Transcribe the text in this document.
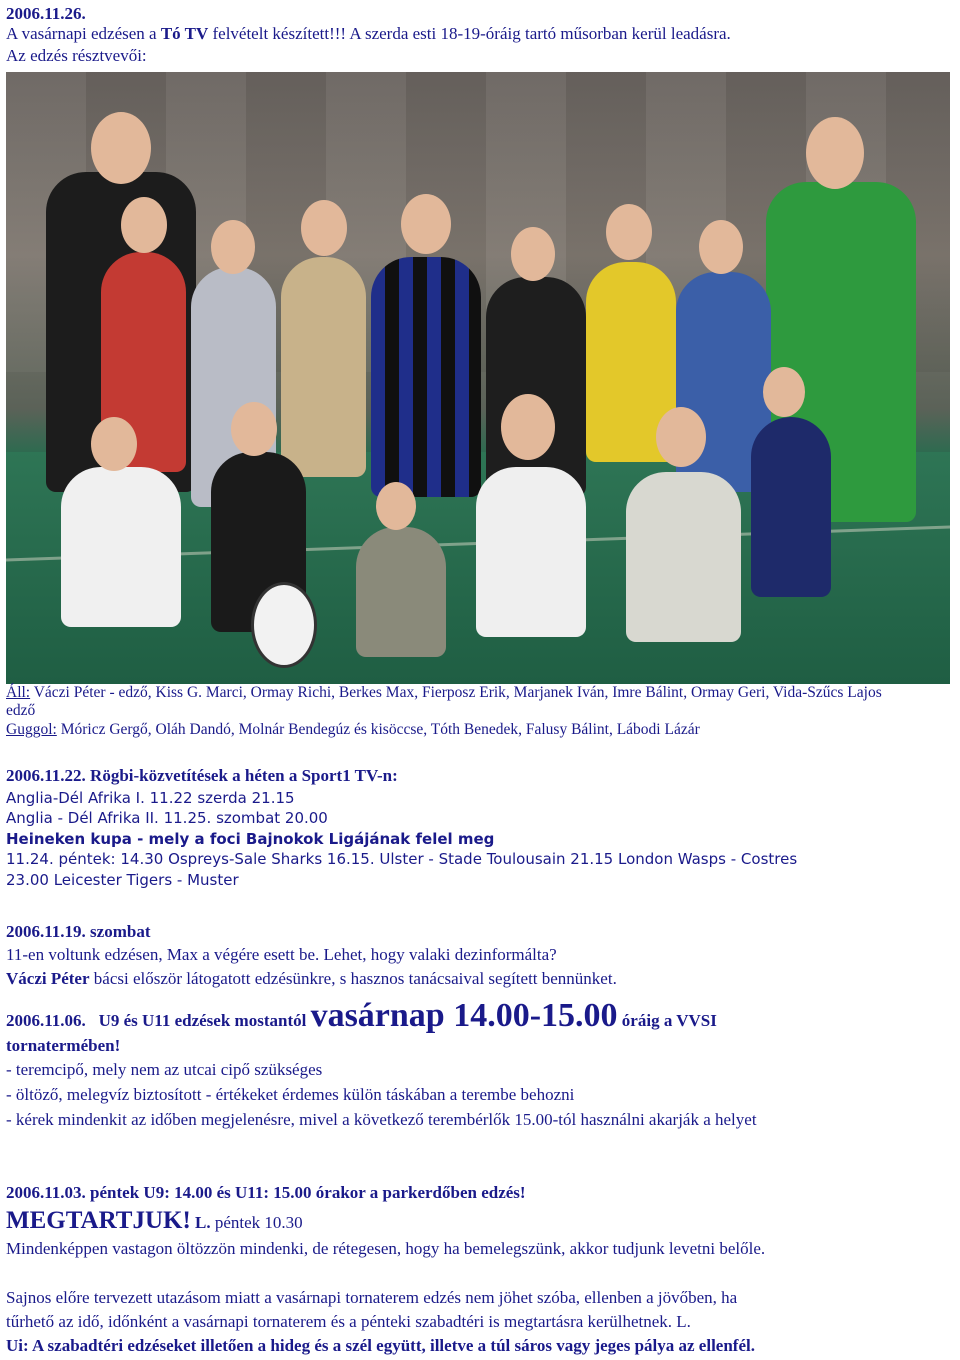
2006.11.26.
A vasárnapi edzésen a Tó TV felvételt készített!!! A szerda esti 18-19-óráig tartó műsorban kerül leadásra.
Az edzés résztvevői:
Áll: Váczi Péter - edző, Kiss G. Marci, Ormay Richi, Berkes Max, Fierposz Erik, Marjanek Iván, Imre Bálint, Ormay Geri, Vida-Szűcs Lajos
edző
Guggol: Móricz Gergő, Oláh Dandó, Molnár Bendegúz és kisöccse, Tóth Benedek, Falusy Bálint, Lábodi Lázár
2006.11.22. Rögbi-közvetítések a héten a Sport1 TV-n:
Anglia-Dél Afrika I. 11.22 szerda 21.15
Anglia - Dél Afrika II. 11.25. szombat 20.00
Heineken kupa - mely a foci Bajnokok Ligájának felel meg
11.24. péntek: 14.30 Ospreys-Sale Sharks 16.15. Ulster - Stade Toulousain 21.15 London Wasps - Costres
23.00 Leicester Tigers - Muster
2006.11.19. szombat
11-en voltunk edzésen, Max a végére esett be. Lehet, hogy valaki dezinformálta?
Váczi Péter bácsi először látogatott edzésünkre, s hasznos tanácsaival segített bennünket.
2006.11.06. U9 és U11 edzések mostantól vasárnap 14.00-15.00 óráig a VVSI
tornatermében!
- teremcipő, mely nem az utcai cipő szükséges
- öltöző, melegvíz biztosított - értékeket érdemes külön táskában a terembe behozni
- kérek mindenkit az időben megjelenésre, mivel a következő terembérlők 15.00-tól használni akarják a helyet
2006.11.03. péntek U9: 14.00 és U11: 15.00 órakor a parkerdőben edzés!
MEGTARTJUK! L. péntek 10.30
Mindenképpen vastagon öltözzön mindenki, de rétegesen, hogy ha bemelegszünk, akkor tudjunk levetni belőle.
Sajnos előre tervezett utazásom miatt a vasárnapi tornaterem edzés nem jöhet szóba, ellenben a jövőben, ha
tűrhető az idő, időnként a vasárnapi tornaterem és a pénteki szabadtéri is megtartásra kerülhetnek. L.
Ui: A szabadtéri edzéseket illetően a hideg és a szél együtt, illetve a túl sáros vagy jeges pálya az ellenfél.
